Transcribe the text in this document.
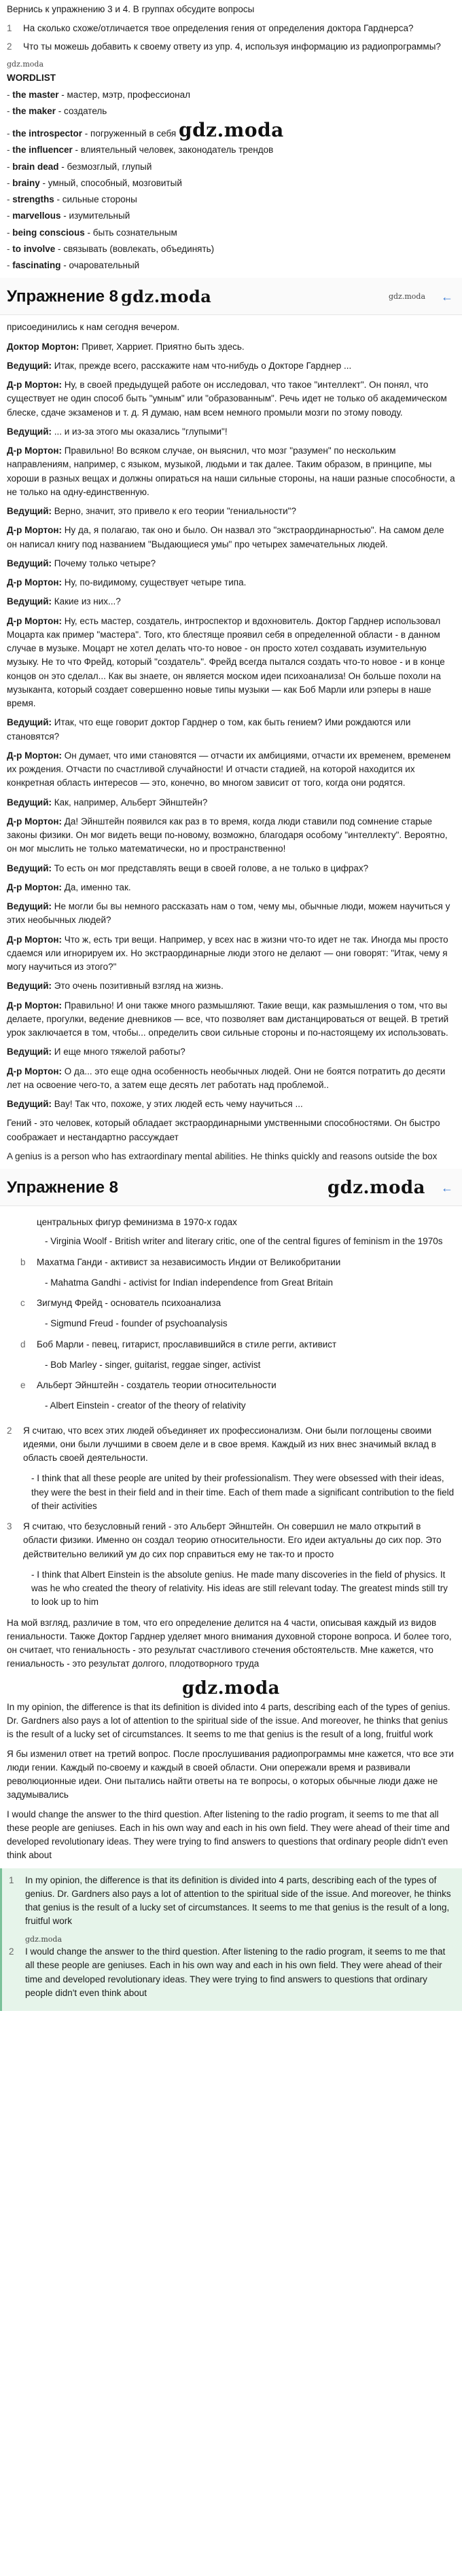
Вернись к упражнению 3 и 4. В группах обсудите вопросы

1	На сколько схоже/отличается твое определения гения от определения доктора Гарднерса?
2	Что ты можешь добавить к своему ответу из упр. 4, используя информацию из радиопрограммы?
gdz.moda
WORDLIST
- the master - мастер, мэтр, профессионал
- the maker - создатель
- the introspector - погруженный в себя gdz.moda
- the influencer - влиятельный человек, законодатель трендов
- brain dead - безмозглый, глупый
- brainy - умный, способный, мозговитый
- strengths - сильные стороны
- marvellous - изумительный
- being conscious - быть сознательным
- to involve - связывать (вовлекать, объединять)
- fascinating - очаровательный
Упражнение 8 gdz.moda	gdz.moda ←

присоединились к нам сегодня вечером.

Доктор Мортон: Привет, Харриет. Приятно быть здесь.

Ведущий: Итак, прежде всего, расскажите нам что-нибудь о Докторе Гарднер ...

Д-р Мортон: Ну, в своей предыдущей работе он исследовал, что такое "интеллект". Он понял, что существует не один способ быть "умным" или "образованным". Речь идет не только об академическом блеске, сдаче экзаменов и т. д. Я думаю, нам всем немного промыли мозги по этому поводу.

Ведущий: ... и из-за этого мы оказались "глупыми"!

Д-р Мортон: Правильно! Во всяком случае, он выяснил, что мозг "разумен" по нескольким направлениям, например, с языком, музыкой, людьми и так далее. Таким образом, в принципе, мы хороши в разных вещах и должны опираться на наши сильные стороны, на наши разные способности, а не только на одну-единственную.

Ведущий: Верно, значит, это привело к его теории "гениальности"?

Д-р Мортон: Ну да, я полагаю, так оно и было. Он назвал это "экстраординарностью". На самом деле он написал книгу под названием "Выдающиеся умы" про четырех замечательных людей.

Ведущий: Почему только четыре?

Д-р Мортон: Ну, по-видимому, существует четыре типа.

Ведущий: Какие из них...?

Д-р Мортон: Ну, есть мастер, создатель, интроспектор и вдохновитель. Доктор Гарднер использовал Моцарта как пример "мастера". Того, кто блестяще проявил себя в определенной области - в данном случае в музыке. Моцарт не хотел делать что-то новое - он просто хотел создавать изумительную музыку. Не то что Фрейд, который "создатель". Фрейд всегда пытался создать что-то новое - и в конце концов он это сделал... Как вы знаете, он является моском идеи психоанализа! Он больше похоли на музыканта, который создает совершенно новые типы музыки — как Боб Марли или рэперы в наше время.

Ведущий: Итак, что еще говорит доктор Гарднер о том, как быть гением? Ими рождаются или становятся?

Д-р Мортон: Он думает, что ими становятся — отчасти их амбициями, отчасти их временем, временем их рождения. Отчасти по счастливой случайности! И отчасти стадией, на которой находится их конкретная область интересов — это, конечно, во многом зависит от того, когда они родятся.

Ведущий: Как, например, Альберт Эйнштейн?

Д-р Мортон: Да! Эйнштейн появился как раз в то время, когда люди ставили под сомнение старые законы физики. Он мог видеть вещи по-новому, возможно, благодаря особому "интеллекту". Вероятно, он мог мыслить не только математически, но и пространственно!

Ведущий: То есть он мог представлять вещи в своей голове, а не только в цифрах?

Д-р Мортон: Да, именно так.

Ведущий: Не могли бы вы немного рассказать нам о том, чему мы, обычные люди, можем научиться у этих необычных людей?

Д-р Мортон: Что ж, есть три вещи. Например, у всех нас в жизни что-то идет не так. Иногда мы просто сдаемся или игнорируем их. Но экстраординарные люди этого не делают — они говорят: "Итак, чему я могу научиться из этого?"

Ведущий: Это очень позитивный взгляд на жизнь.

Д-р Мортон: Правильно! И они также много размышляют. Такие вещи, как размышления о том, что вы делаете, прогулки, ведение дневников — все, что позволяет вам дистанцироваться от вещей. В третий урок заключается в том, чтобы... определить свои сильные стороны и по-настоящему их использовать.

Ведущий: И еще много тяжелой работы?

Д-р Мортон: О да... это еще одна особенность необычных людей. Они не боятся потратить до десяти лет на освоение чего-то, а затем еще десять лет работать над проблемой..

Ведущий: Вау! Так что, похоже, у этих людей есть чему научиться ...

Гений - это человек, который обладает экстраординарными умственными способностями. Он быстро соображает и нестандартно рассуждает

A genius is a person who has extraordinary mental abilities. He thinks quickly and reasons outside the box

Упражнение 8	gdz.moda ←

центральных фигур феминизма в 1970-х годах

- Virginia Woolf - British writer and literary critic, one of the central figures of feminism in the 1970s
b	Махатма Ганди - активист за независимость Индии от Великобритании
- Mahatma Gandhi - activist for Indian independence from Great Britain
c	Зигмунд Фрейд - основатель психоанализа
- Sigmund Freud - founder of psychoanalysis
d	Боб Марли - певец, гитарист, прославившийся в стиле регги, активист
- Bob Marley - singer, guitarist, reggae singer, activist
e	Альберт Эйнштейн - создатель теории относительности
- Albert Einstein - creator of the theory of relativity
2	Я считаю, что всех этих людей объединяет их профессионализм. Они были поглощены своими идеями, они были лучшими в своем деле и в свое время. Каждый из них внес значимый вклад в область своей деятельности.
- I think that all these people are united by their professionalism. They were obsessed with their ideas, they were the best in their field and in their time. Each of them made a significant contribution to the field of their activities
3	Я считаю, что безусловный гений - это Альберт Эйнштейн. Он совершил не мало открытий в области физики. Именно он создал теорию относительности. Его идеи актуальны до сих пор. Это действительно великий ум до сих пор справиться ему не так-то и просто
- I think that Albert Einstein is the absolute genius. He made many discoveries in the field of physics. It was he who created the theory of relativity. His ideas are still relevant today. The greatest minds still try to look up to him

На мой взгляд, различие в том, что его определение делится на 4 части, описывая каждый из видов гениальности. Также Доктор Гарднер уделяет много внимания духовной стороне вопроса. И более того, он считает, что гениальность - это результат счастливого стечения обстоятельств. Мне кажется, что гениальность - это результат долгого, плодотворного труда

gdz.moda

In my opinion, the difference is that its definition is divided into 4 parts, describing each of the types of genius. Dr. Gardners also pays a lot of attention to the spiritual side of the issue. And moreover, he thinks that genius is the result of a lucky set of circumstances. It seems to me that genius is the result of a long, fruitful work

Я бы изменил ответ на третий вопрос. После прослушивания радиопрограммы мне кажется, что все эти люди гении. Каждый по-своему и каждый в своей области. Они опережали время и развивали революционные идеи. Они пытались найти ответы на те вопросы, о которых обычные люди даже не задумывались

I would change the answer to the third question. After listening to the radio program, it seems to me that all these people are geniuses. Each in his own way and each in his own field. They were ahead of their time and developed revolutionary ideas. They were trying to find answers to questions that ordinary people didn't even think about

1	In my opinion, the difference is that its definition is divided into 4 parts, describing each of the types of genius. Dr. Gardners also pays a lot of attention to the spiritual side of the issue. And moreover, he thinks that genius is the result of a lucky set of circumstances. It seems to me that genius is the result of a long, fruitful work
gdz.moda
2	I would change the answer to the third question. After listening to the radio program, it seems to me that all these people are geniuses. Each in his own way and each in his own field. They were ahead of their time and developed revolutionary ideas. They were trying to find answers to questions that ordinary people didn't even think about
